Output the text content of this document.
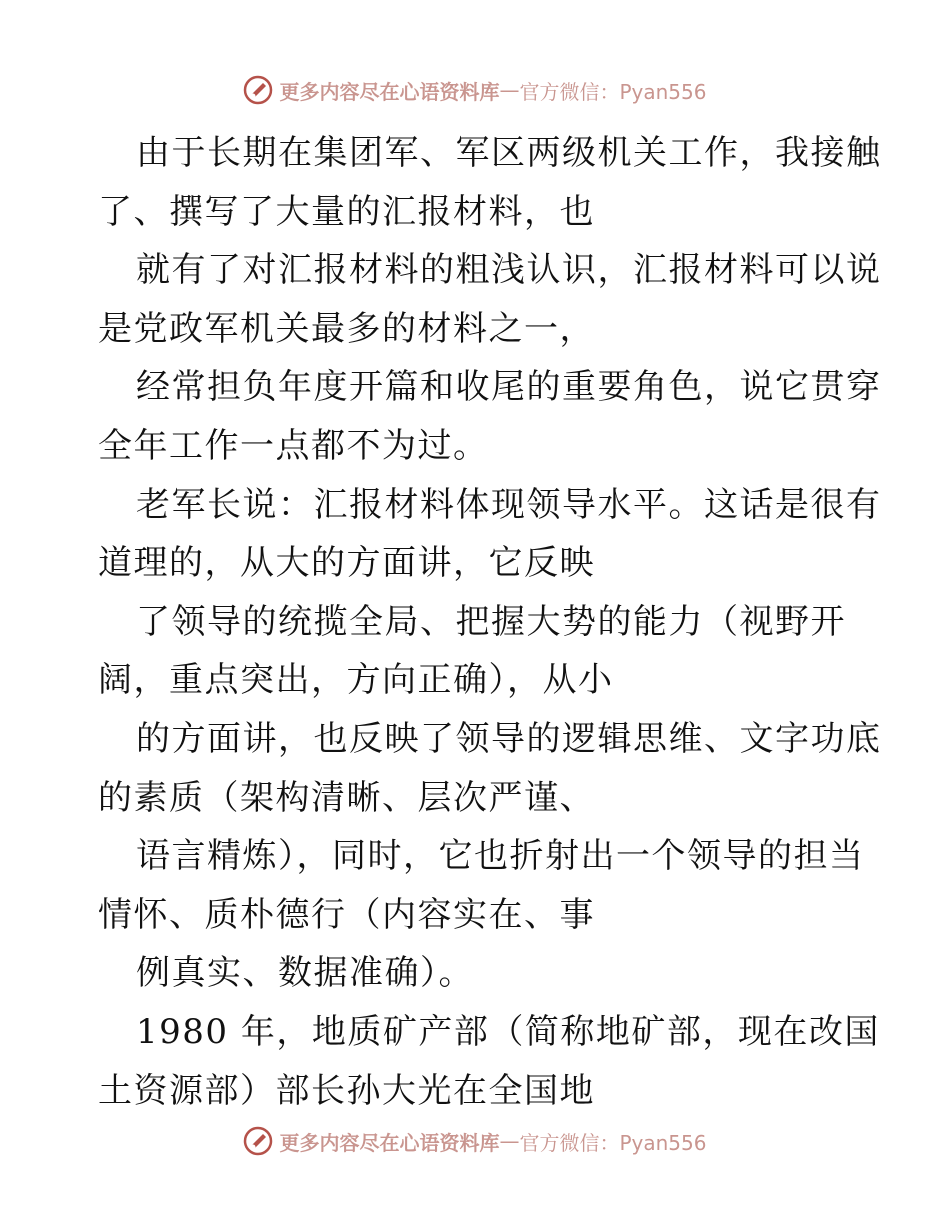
更多内容尽在心语资料库 — 官方微信：Pyan556
由于长期在集团军、军区两级机关工作，我接触
了、撰写了大量的汇报材料，也
就有了对汇报材料的粗浅认识，汇报材料可以说
是党政军机关最多的材料之一，
经常担负年度开篇和收尾的重要角色，说它贯穿
全年工作一点都不为过。
老军长说：汇报材料体现领导水平。这话是很有
道理的，从大的方面讲，它反映
了领导的统揽全局、把握大势的能力（视野开
阔，重点突出，方向正确），从小
的方面讲，也反映了领导的逻辑思维、文字功底
的素质（架构清晰、层次严谨、
语言精炼），同时，它也折射出一个领导的担当
情怀、质朴德行（内容实在、事
例真实、数据准确）。
1980 年，地质矿产部（简称地矿部，现在改国
土资源部）部长孙大光在全国地
更多内容尽在心语资料库 — 官方微信：Pyan556
